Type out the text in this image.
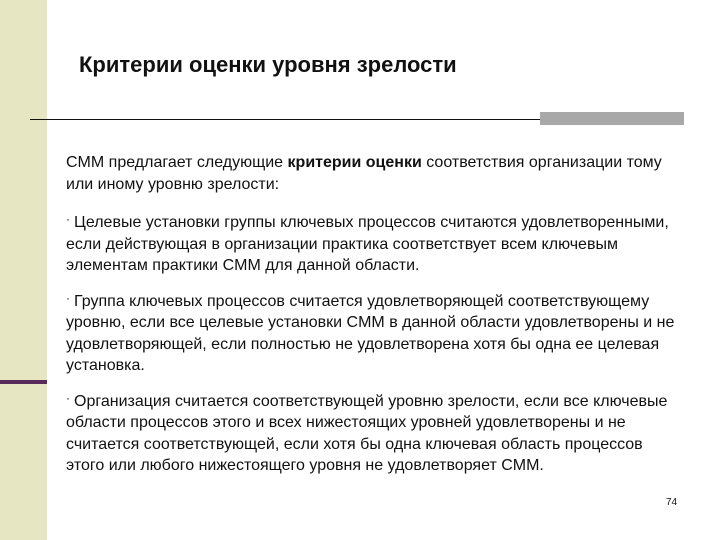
Критерии оценки уровня зрелости

CMM предлагает следующие критерии оценки соответствия организации тому или иному уровню зрелости:

· Целевые установки группы ключевых процессов считаются удовлетворенными, если действующая в организации практика соответствует всем ключевым элементам практики CMM для данной области.

· Группа ключевых процессов считается удовлетворяющей соответствующему уровню, если все целевые установки CMM в данной области удовлетворены и не удовлетворяющей, если полностью не удовлетворена хотя бы одна ее целевая установка.

· Организация считается соответствующей уровню зрелости, если все ключевые области процессов этого и всех нижестоящих уровней удовлетворены и не считается соответствующей, если хотя бы одна ключевая область процессов этого или любого нижестоящего уровня не удовлетворяет CMM.

74
